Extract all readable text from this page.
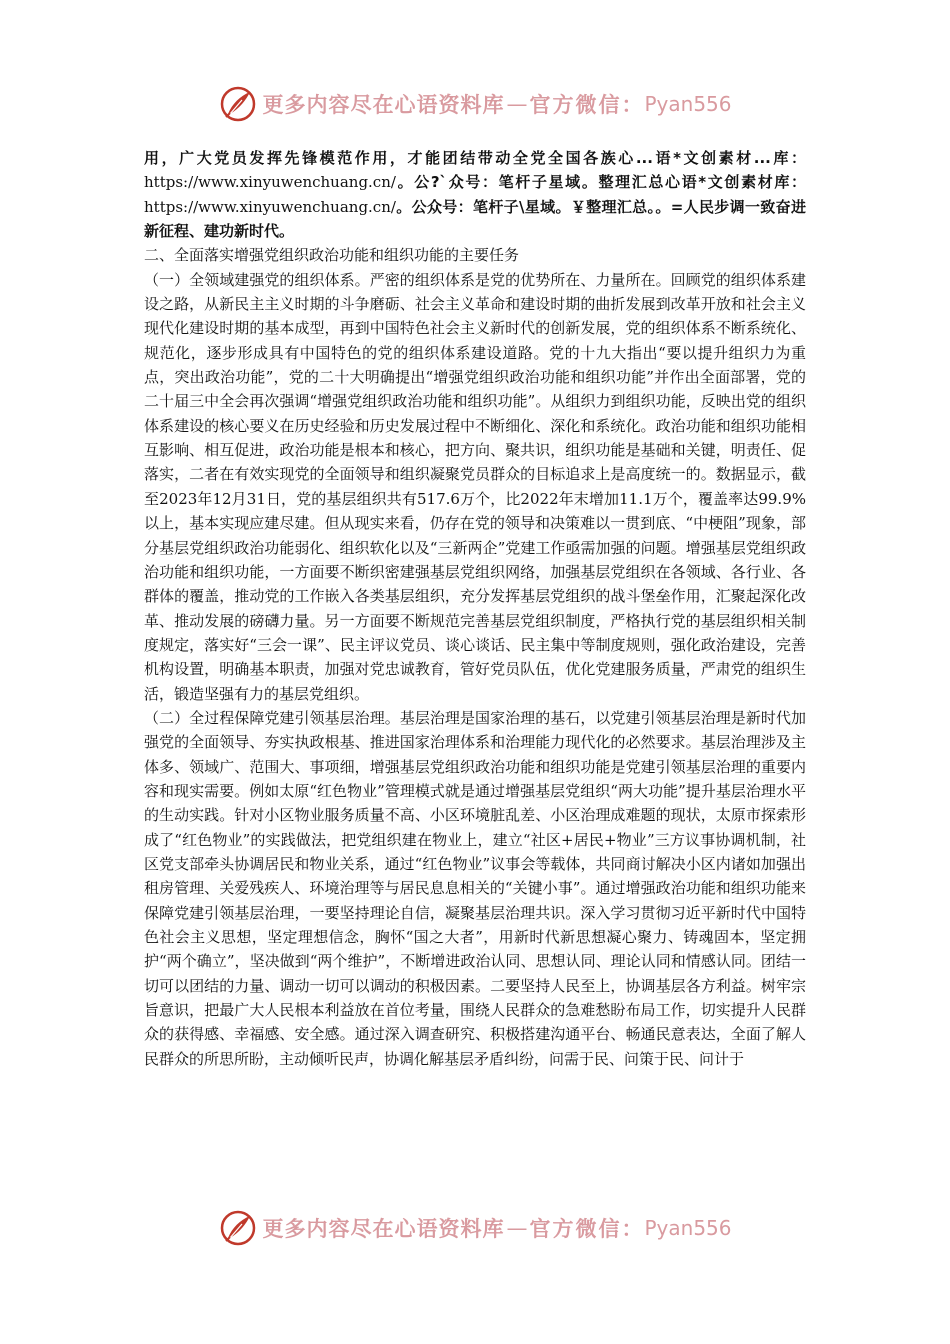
更多内容尽在心语资料库 — 官方微信： Pyan556

用，广大党员发挥先锋模范作用，才能团结带动全党全国各族心...语*文创素材...库：https://www.xinyuwenchuang.cn/。公?`众号：笔杆子星域。整理汇总心语*文创素材库：https://www.xinyuwenchuang.cn/。公众号：笔杆子\星域。￥整理汇总。。=人民步调一致奋进新征程、建功新时代。

二、全面落实增强党组织政治功能和组织功能的主要任务

（一）全领域建强党的组织体系。严密的组织体系是党的优势所在、力量所在。回顾党的组织体系建设之路，从新民主主义时期的斗争磨砺、社会主义革命和建设时期的曲折发展到改革开放和社会主义现代化建设时期的基本成型，再到中国特色社会主义新时代的创新发展，党的组织体系不断系统化、规范化，逐步形成具有中国特色的党的组织体系建设道路。党的十九大指出“要以提升组织力为重点，突出政治功能”，党的二十大明确提出“增强党组织政治功能和组织功能”并作出全面部署，党的二十届三中全会再次强调“增强党组织政治功能和组织功能”。从组织力到组织功能，反映出党的组织体系建设的核心要义在历史经验和历史发展过程中不断细化、深化和系统化。政治功能和组织功能相互影响、相互促进，政治功能是根本和核心，把方向、聚共识，组织功能是基础和关键，明责任、促落实，二者在有效实现党的全面领导和组织凝聚党员群众的目标追求上是高度统一的。数据显示，截至2023年12月31日，党的基层组织共有517.6万个，比2022年末增加11.1万个，覆盖率达99.9%以上，基本实现应建尽建。但从现实来看，仍存在党的领导和决策难以一贯到底、“中梗阻”现象，部分基层党组织政治功能弱化、组织软化以及“三新两企”党建工作亟需加强的问题。增强基层党组织政治功能和组织功能，一方面要不断织密建强基层党组织网络，加强基层党组织在各领域、各行业、各群体的覆盖，推动党的工作嵌入各类基层组织，充分发挥基层党组织的战斗堡垒作用，汇聚起深化改革、推动发展的磅礴力量。另一方面要不断规范完善基层党组织制度，严格执行党的基层组织相关制度规定，落实好“三会一课”、民主评议党员、谈心谈话、民主集中等制度规则，强化政治建设，完善机构设置，明确基本职责，加强对党忠诚教育，管好党员队伍，优化党建服务质量，严肃党的组织生活，锻造坚强有力的基层党组织。

（二）全过程保障党建引领基层治理。基层治理是国家治理的基石，以党建引领基层治理是新时代加强党的全面领导、夯实执政根基、推进国家治理体系和治理能力现代化的必然要求。基层治理涉及主体多、领域广、范围大、事项细，增强基层党组织政治功能和组织功能是党建引领基层治理的重要内容和现实需要。例如太原“红色物业”管理模式就是通过增强基层党组织“两大功能”提升基层治理水平的生动实践。针对小区物业服务质量不高、小区环境脏乱差、小区治理成难题的现状，太原市探索形成了“红色物业”的实践做法，把党组织建在物业上，建立“社区+居民+物业”三方议事协调机制，社区党支部牵头协调居民和物业关系，通过“红色物业”议事会等载体，共同商讨解决小区内诸如加强出租房管理、关爱残疾人、环境治理等与居民息息相关的“关键小事”。通过增强政治功能和组织功能来保障党建引领基层治理，一要坚持理论自信，凝聚基层治理共识。深入学习贯彻习近平新时代中国特色社会主义思想，坚定理想信念，胸怀“国之大者”，用新时代新思想凝心聚力、铸魂固本，坚定拥护“两个确立”，坚决做到“两个维护”，不断增进政治认同、思想认同、理论认同和情感认同。团结一切可以团结的力量、调动一切可以调动的积极因素。二要坚持人民至上，协调基层各方利益。树牢宗旨意识，把最广大人民根本利益放在首位考量，围绕人民群众的急难愁盼布局工作，切实提升人民群众的获得感、幸福感、安全感。通过深入调查研究、积极搭建沟通平台、畅通民意表达，全面了解人民群众的所思所盼，主动倾听民声，协调化解基层矛盾纠纷，问需于民、问策于民、问计于

更多内容尽在心语资料库 — 官方微信： Pyan556
